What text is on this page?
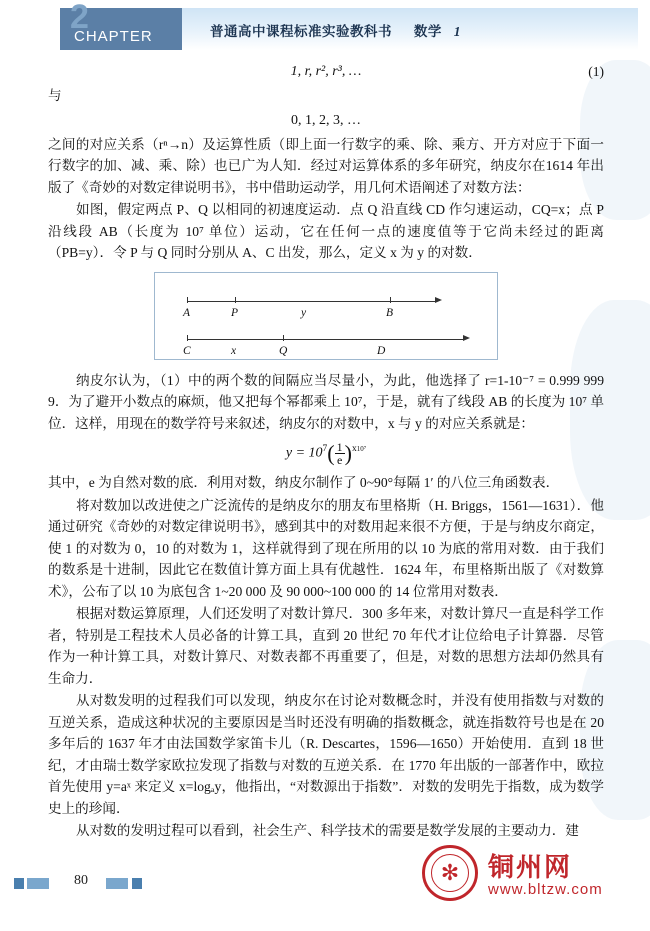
2
CHAPTER	普通高中课程标准实验教科书 数学 1
1, r, r², r³, …	(1)
与
0, 1, 2, 3, …

之间的对应关系（rⁿ→n）及运算性质（即上面一行数字的乘、除、乘方、开方对应于下面一行数字的加、减、乘、除）也已广为人知．经过对运算体系的多年研究，纳皮尔在1614 年出版了《奇妙的对数定律说明书》，书中借助运动学，用几何术语阐述了对数方法：

如图，假定两点 P、Q 以相同的初速度运动．点 Q 沿直线 CD 作匀速运动，CQ=x；点 P 沿线段 AB（长度为 10⁷ 单位）运动，它在任何一点的速度值等于它尚未经过的距离（PB=y）．令 P 与 Q 同时分别从 A、C 出发，那么，定义 x 为 y 的对数．

A	P	y	B
C	x	Q	D

纳皮尔认为，（1）中的两个数的间隔应当尽量小，为此，他选择了 r=1-10⁻⁷ = 0.999 999 9．为了避开小数点的麻烦，他又把每个幂都乘上 10⁷，于是，就有了线段 AB 的长度为 10⁷ 单位．这样，用现在的数学符号来叙述，纳皮尔的对数中，x 与 y 的对应关系就是：

$y = 10^7( \frac{1}{e} )^{x10^7}$

其中，e 为自然对数的底．利用对数，纳皮尔制作了 0~90°每隔 1′ 的八位三角函数表．

将对数加以改进使之广泛流传的是纳皮尔的朋友布里格斯（H. Briggs，1561—1631）．他通过研究《奇妙的对数定律说明书》，感到其中的对数用起来很不方便，于是与纳皮尔商定，使 1 的对数为 0，10 的对数为 1，这样就得到了现在所用的以 10 为底的常用对数．由于我们的数系是十进制，因此它在数值计算方面上具有优越性．1624 年，布里格斯出版了《对数算术》，公布了以 10 为底包含 1~20 000 及 90 000~100 000 的 14 位常用对数表．

根据对数运算原理，人们还发明了对数计算尺．300 多年来，对数计算尺一直是科学工作者，特别是工程技术人员必备的计算工具，直到 20 世纪 70 年代才让位给电子计算器．尽管作为一种计算工具，对数计算尺、对数表都不再重要了，但是，对数的思想方法却仍然具有生命力．

从对数发明的过程我们可以发现，纳皮尔在讨论对数概念时，并没有使用指数与对数的互逆关系，造成这种状况的主要原因是当时还没有明确的指数概念，就连指数符号也是在 20 多年后的 1637 年才由法国数学家笛卡儿（R. Descartes，1596—1650）开始使用．直到 18 世纪，才由瑞士数学家欧拉发现了指数与对数的互逆关系．在 1770 年出版的一部著作中，欧拉首先使用 y=aˣ 来定义 x=logₐy，他指出，“对数源出于指数”．对数的发明先于指数，成为数学史上的珍闻．

从对数的发明过程可以看到，社会生产、科学技术的需要是数学发展的主要动力．建

80	✻ 铜州网
www.bltzw.com
